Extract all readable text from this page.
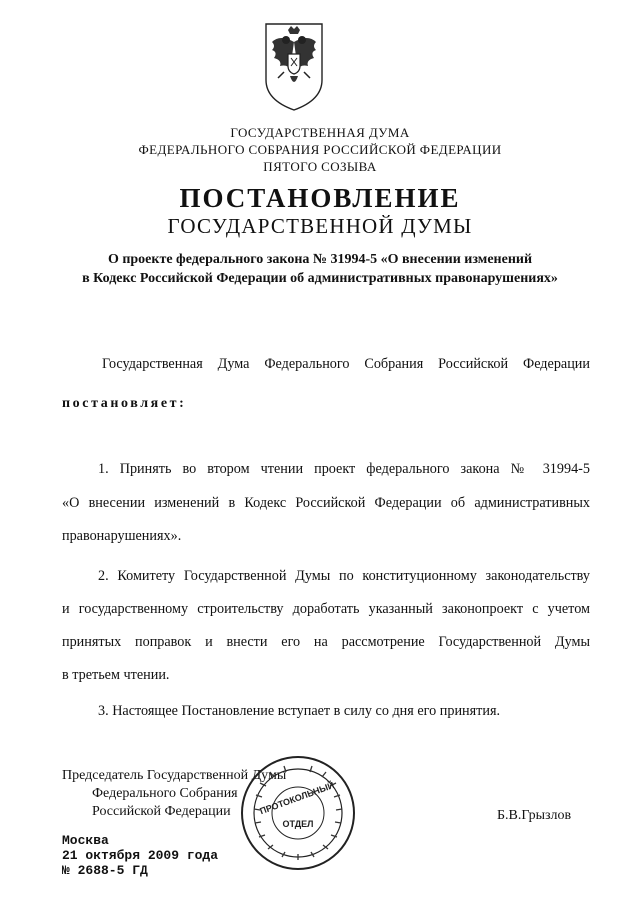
ГОСУДАРСТВЕННАЯ ДУМА
ФЕДЕРАЛЬНОГО СОБРАНИЯ РОССИЙСКОЙ ФЕДЕРАЦИИ
ПЯТОГО СОЗЫВА
ПОСТАНОВЛЕНИЕ
ГОСУДАРСТВЕННОЙ ДУМЫ
О проекте федерального закона № 31994-5 «О внесении изменений
в Кодекс Российской Федерации об административных правонарушениях»
Государственная Дума Федерального Собрания Российской Федерации
постановляет:
1. Принять во втором чтении проект федерального закона № 31994-5
«О внесении изменений в Кодекс Российской Федерации об административных
правонарушениях».
2. Комитету Государственной Думы по конституционному законодательству
и государственному строительству доработать указанный законопроект с учетом
принятых поправок и внести его на рассмотрение Государственной Думы
в третьем чтении.
3. Настоящее Постановление вступает в силу со дня его принятия.
Председатель Государственной Думы
Федерального Собрания
Российской Федерации	Б.В.Грызлов
ПРОТОКОЛЬНЫЙ
ОТДЕЛ
Москва
21 октября 2009 года
№ 2688-5 ГД
